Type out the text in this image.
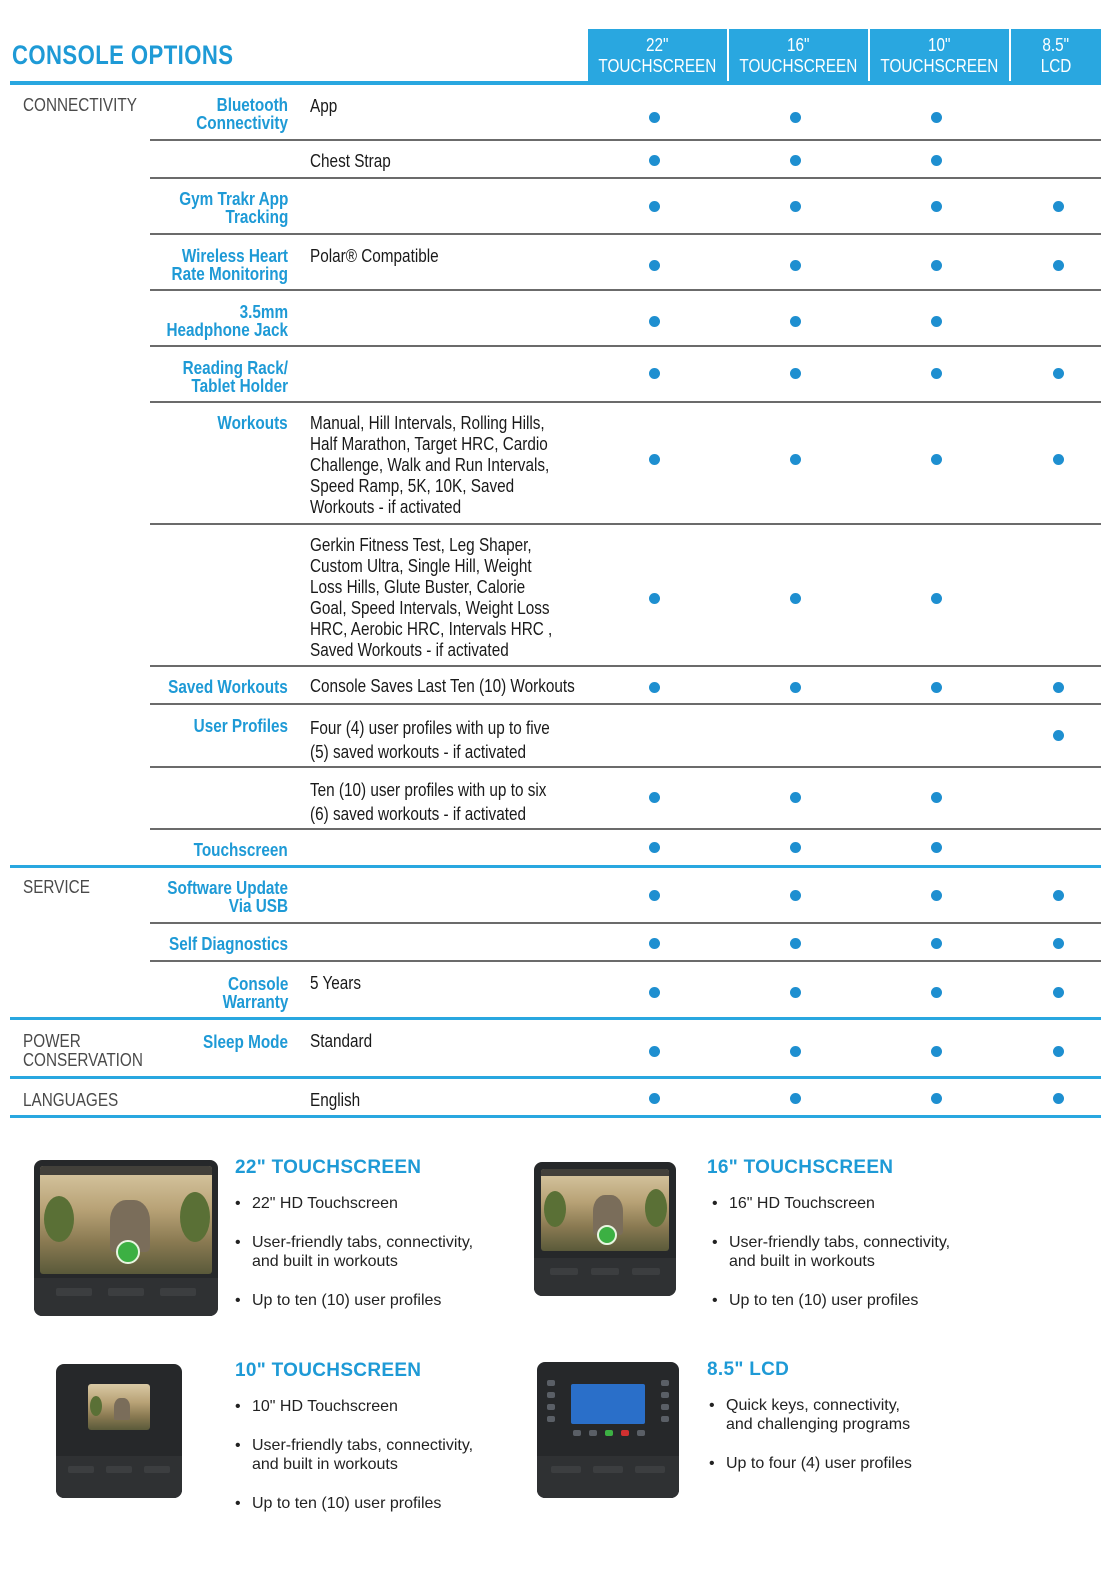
CONSOLE OPTIONS	22"
TOUCHSCREEN
16"
TOUCHSCREEN
10"
TOUCHSCREEN
8.5"
LCD
CONNECTIVITY
SERVICE
POWER
CONSERVATION
LANGUAGES
Bluetooth
Connectivity
Gym Trakr App
Tracking
Wireless Heart
Rate Monitoring
3.5mm
Headphone Jack
Reading Rack/
Tablet Holder
Workouts
Saved Workouts
User Profiles
Touchscreen
Software Update
Via USB
Self Diagnostics
Console
Warranty
Sleep Mode
App
Chest Strap
Polar® Compatible
Manual, Hill Intervals, Rolling Hills,
Half Marathon, Target HRC, Cardio
Challenge, Walk and Run Intervals,
Speed Ramp, 5K, 10K, Saved
Workouts - if activated
Gerkin Fitness Test, Leg Shaper,
Custom Ultra, Single Hill, Weight
Loss Hills, Glute Buster, Calorie
Goal, Speed Intervals, Weight Loss
HRC, Aerobic HRC, Intervals HRC ,
Saved Workouts - if activated
Console Saves Last Ten (10) Workouts
Four (4) user profiles with up to five
(5) saved workouts - if activated
Ten (10) user profiles with up to six
(6) saved workouts - if activated
5 Years
Standard
English
22" TOUCHSCREEN
• 22" HD Touchscreen
• User-friendly tabs, connectivity,
and built in workouts
• Up to ten (10) user profiles
16" TOUCHSCREEN
• 16" HD Touchscreen
• User-friendly tabs, connectivity,
and built in workouts
• Up to ten (10) user profiles
10" TOUCHSCREEN
• 10" HD Touchscreen
• User-friendly tabs, connectivity,
and built in workouts
• Up to ten (10) user profiles
8.5" LCD
• Quick keys, connectivity,
and challenging programs
• Up to four (4) user profiles
